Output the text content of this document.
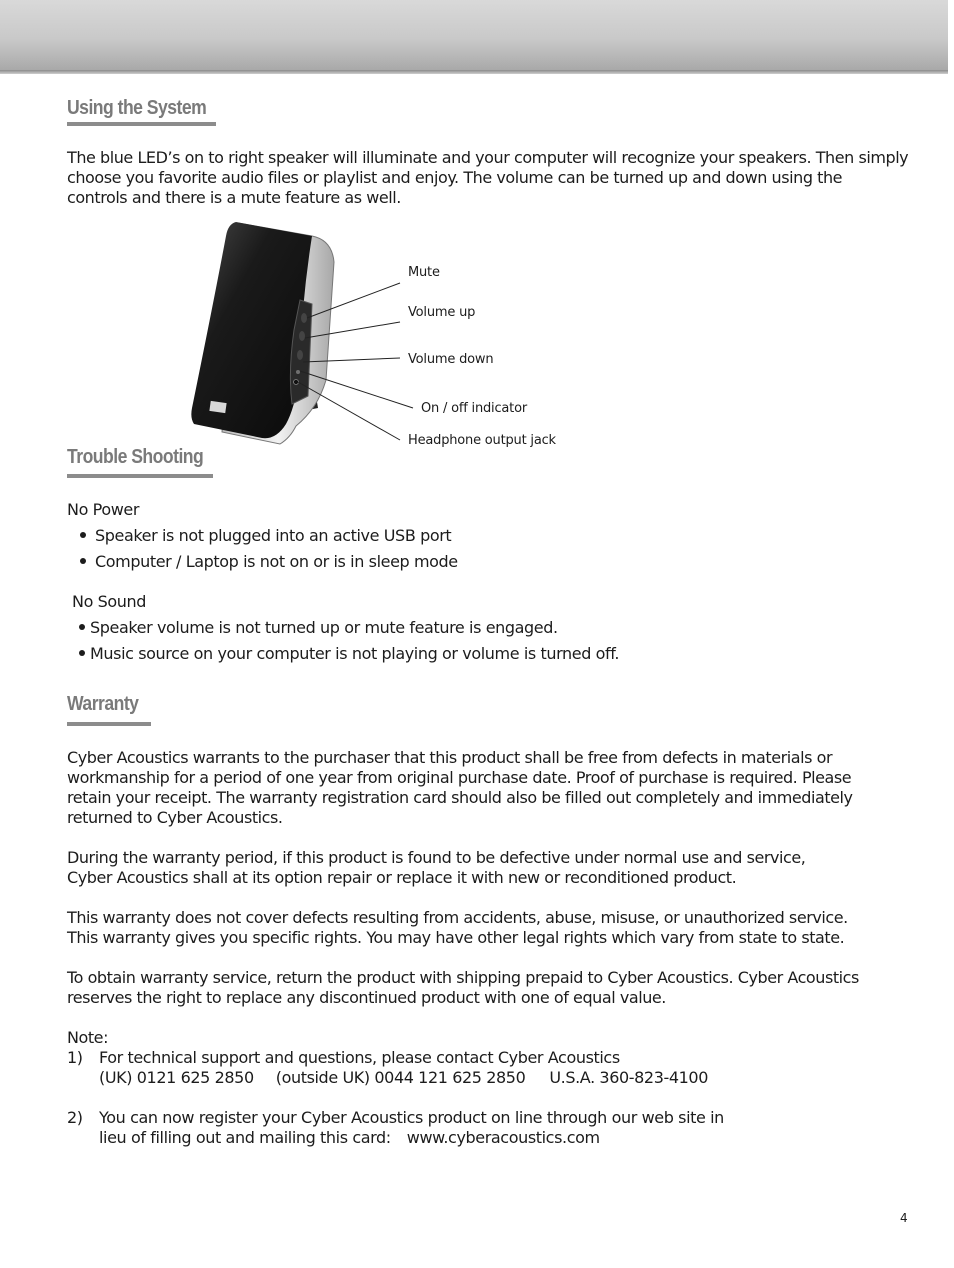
Using the System

The blue LED’s on to right speaker will illuminate and your computer will recognize your speakers. Then simply
choose you favorite audio files or playlist and enjoy. The volume can be turned up and down using the
controls and there is a mute feature as well.

Mute
Volume up
Volume down
On / off indicator
Headphone output jack
Trouble Shooting

No Power

Speaker is not plugged into an active USB port

Computer / Laptop is not on or is in sleep mode

No Sound

Speaker volume is not turned up or mute feature is engaged.

Music source on your computer is not playing or volume is turned off.

Warranty

Cyber Acoustics warrants to the purchaser that this product shall be free from defects in materials or
workmanship for a period of one year from original purchase date. Proof of purchase is required. Please
retain your receipt. The warranty registration card should also be filled out completely and immediately
returned to Cyber Acoustics.

During the warranty period, if this product is found to be defective under normal use and service,
Cyber Acoustics shall at its option repair or replace it with new or reconditioned product.

This warranty does not cover defects resulting from accidents, abuse, misuse, or unauthorized service.
This warranty gives you specific rights. You may have other legal rights which vary from state to state.

To obtain warranty service, return the product with shipping prepaid to Cyber Acoustics. Cyber Acoustics
reserves the right to replace any discontinued product with one of equal value.

Note:

1) For technical support and questions, please contact Cyber Acoustics

(UK) 0121 625 2850 (outside UK) 0044 121 625 2850 U.S.A. 360-823-4100

2) You can now register your Cyber Acoustics product on line through our web site in

lieu of filling out and mailing this card: www.cyberacoustics.com

4
